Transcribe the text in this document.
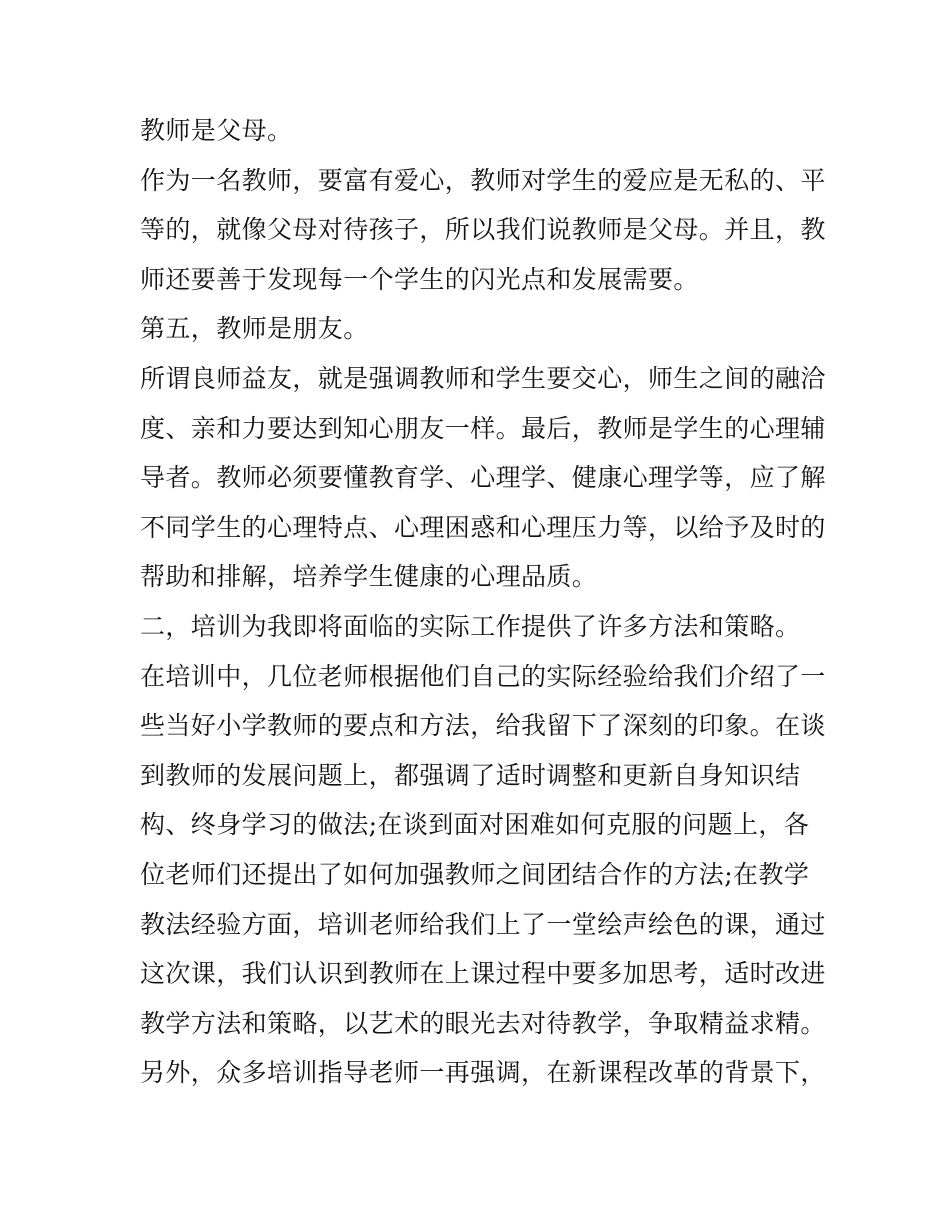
教师是父母。

作为一名教师，要富有爱心，教师对学生的爱应是无私的、平

等的，就像父母对待孩子，所以我们说教师是父母。并且，教

师还要善于发现每一个学生的闪光点和发展需要。

第五，教师是朋友。

所谓良师益友，就是强调教师和学生要交心，师生之间的融洽

度、亲和力要达到知心朋友一样。最后，教师是学生的心理辅

导者。教师必须要懂教育学、心理学、健康心理学等，应了解

不同学生的心理特点、心理困惑和心理压力等，以给予及时的

帮助和排解，培养学生健康的心理品质。

二，培训为我即将面临的实际工作提供了许多方法和策略。

在培训中，几位老师根据他们自己的实际经验给我们介绍了一

些当好小学教师的要点和方法，给我留下了深刻的印象。在谈

到教师的发展问题上，都强调了适时调整和更新自身知识结

构、终身学习的做法;在谈到面对困难如何克服的问题上，各

位老师们还提出了如何加强教师之间团结合作的方法;在教学

教法经验方面，培训老师给我们上了一堂绘声绘色的课，通过

这次课，我们认识到教师在上课过程中要多加思考，适时改进

教学方法和策略，以艺术的眼光去对待教学，争取精益求精。

另外，众多培训指导老师一再强调，在新课程改革的背景下，
